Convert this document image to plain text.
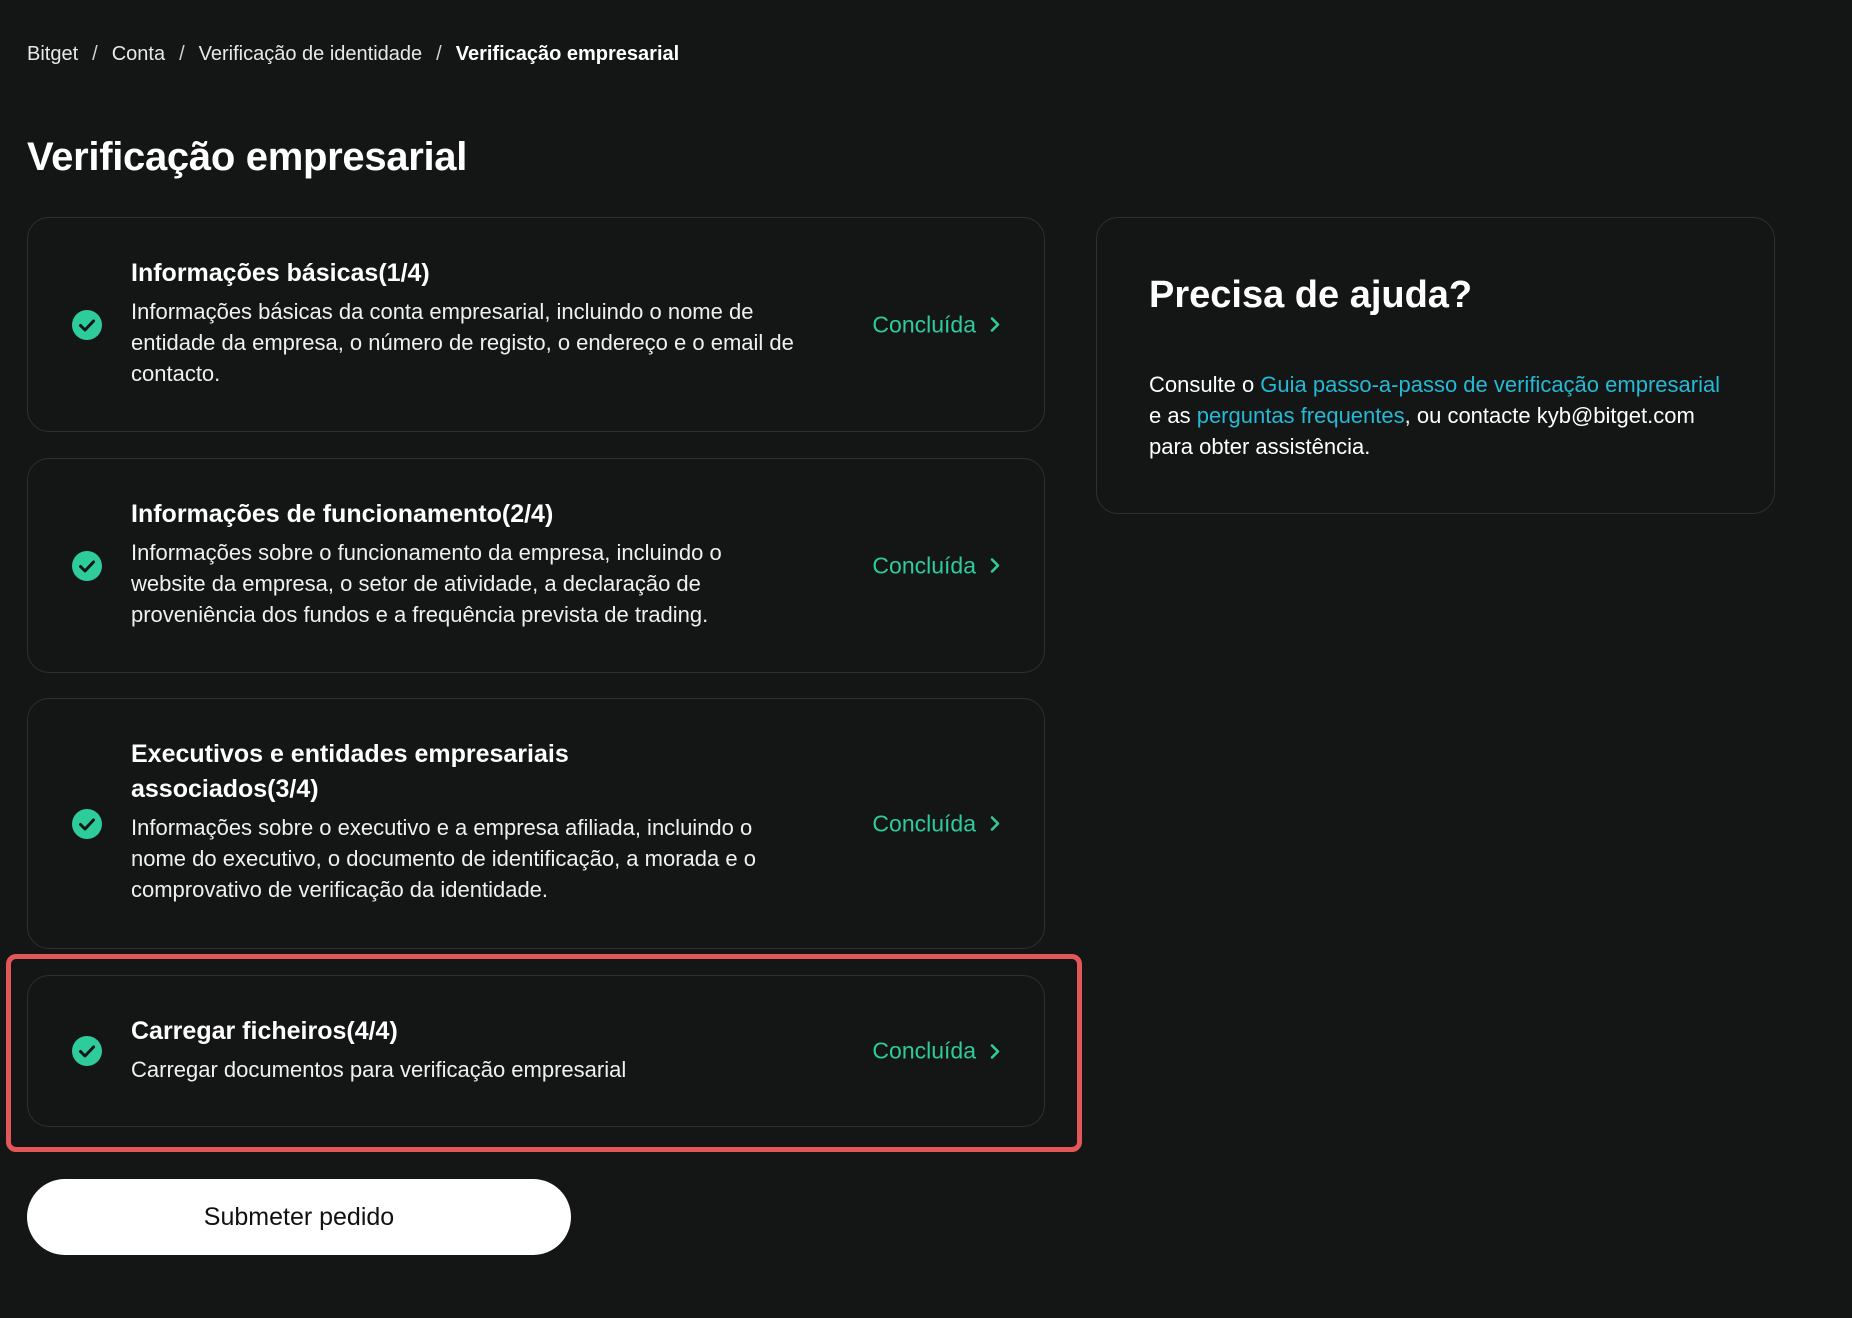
Bitget / Conta / Verificação de identidade / Verificação empresarial
Verificação empresarial
Informações básicas(1/4)
Informações básicas da conta empresarial, incluindo o nome de entidade da empresa, o número de registo, o endereço e o email de contacto.
Concluída
Informações de funcionamento(2/4)
Informações sobre o funcionamento da empresa, incluindo o website da empresa, o setor de atividade, a declaração de proveniência dos fundos e a frequência prevista de trading.
Concluída
Executivos e entidades empresariais associados(3/4)
Informações sobre o executivo e a empresa afiliada, incluindo o nome do executivo, o documento de identificação, a morada e o comprovativo de verificação da identidade.
Concluída
Carregar ficheiros(4/4)
Carregar documentos para verificação empresarial
Concluída
Submeter pedido
Precisa de ajuda?

Consulte o Guia passo-a-passo de verificação empresarial e as perguntas frequentes, ou contacte kyb@bitget.com para obter assistência.
